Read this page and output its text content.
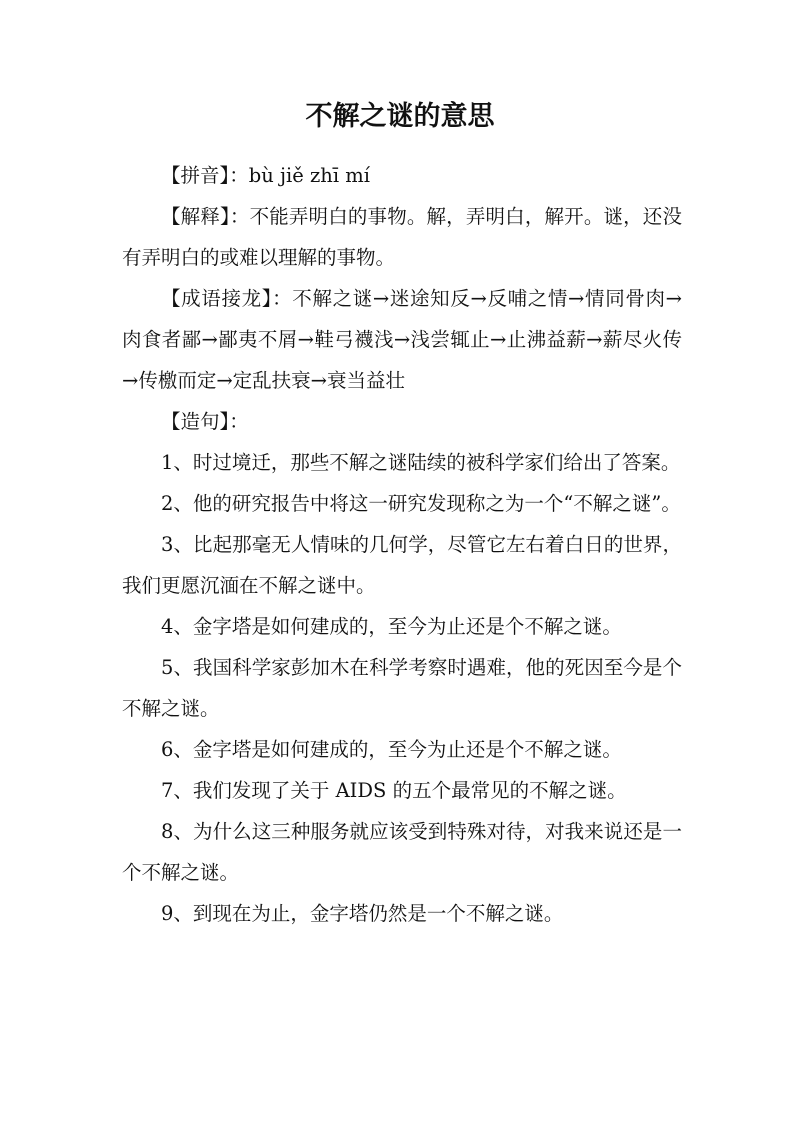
不解之谜的意思

【拼音】：bù jiě zhī mí

【解释】：不能弄明白的事物。解，弄明白，解开。谜，还没有弄明白的或难以理解的事物。

【成语接龙】：不解之谜→迷途知反→反哺之情→情同骨肉→肉食者鄙→鄙夷不屑→鞋弓襪浅→浅尝辄止→止沸益薪→薪尽火传→传檄而定→定乱扶衰→衰当益壮

【造句】：

1、时过境迁，那些不解之谜陆续的被科学家们给出了答案。

2、他的研究报告中将这一研究发现称之为一个“不解之谜”。

3、比起那毫无人情味的几何学，尽管它左右着白日的世界，我们更愿沉湎在不解之谜中。

4、金字塔是如何建成的，至今为止还是个不解之谜。

5、我国科学家彭加木在科学考察时遇难，他的死因至今是个不解之谜。

6、金字塔是如何建成的，至今为止还是个不解之谜。

7、我们发现了关于 AIDS 的五个最常见的不解之谜。

8、为什么这三种服务就应该受到特殊对待，对我来说还是一个不解之谜。

9、到现在为止，金字塔仍然是一个不解之谜。
